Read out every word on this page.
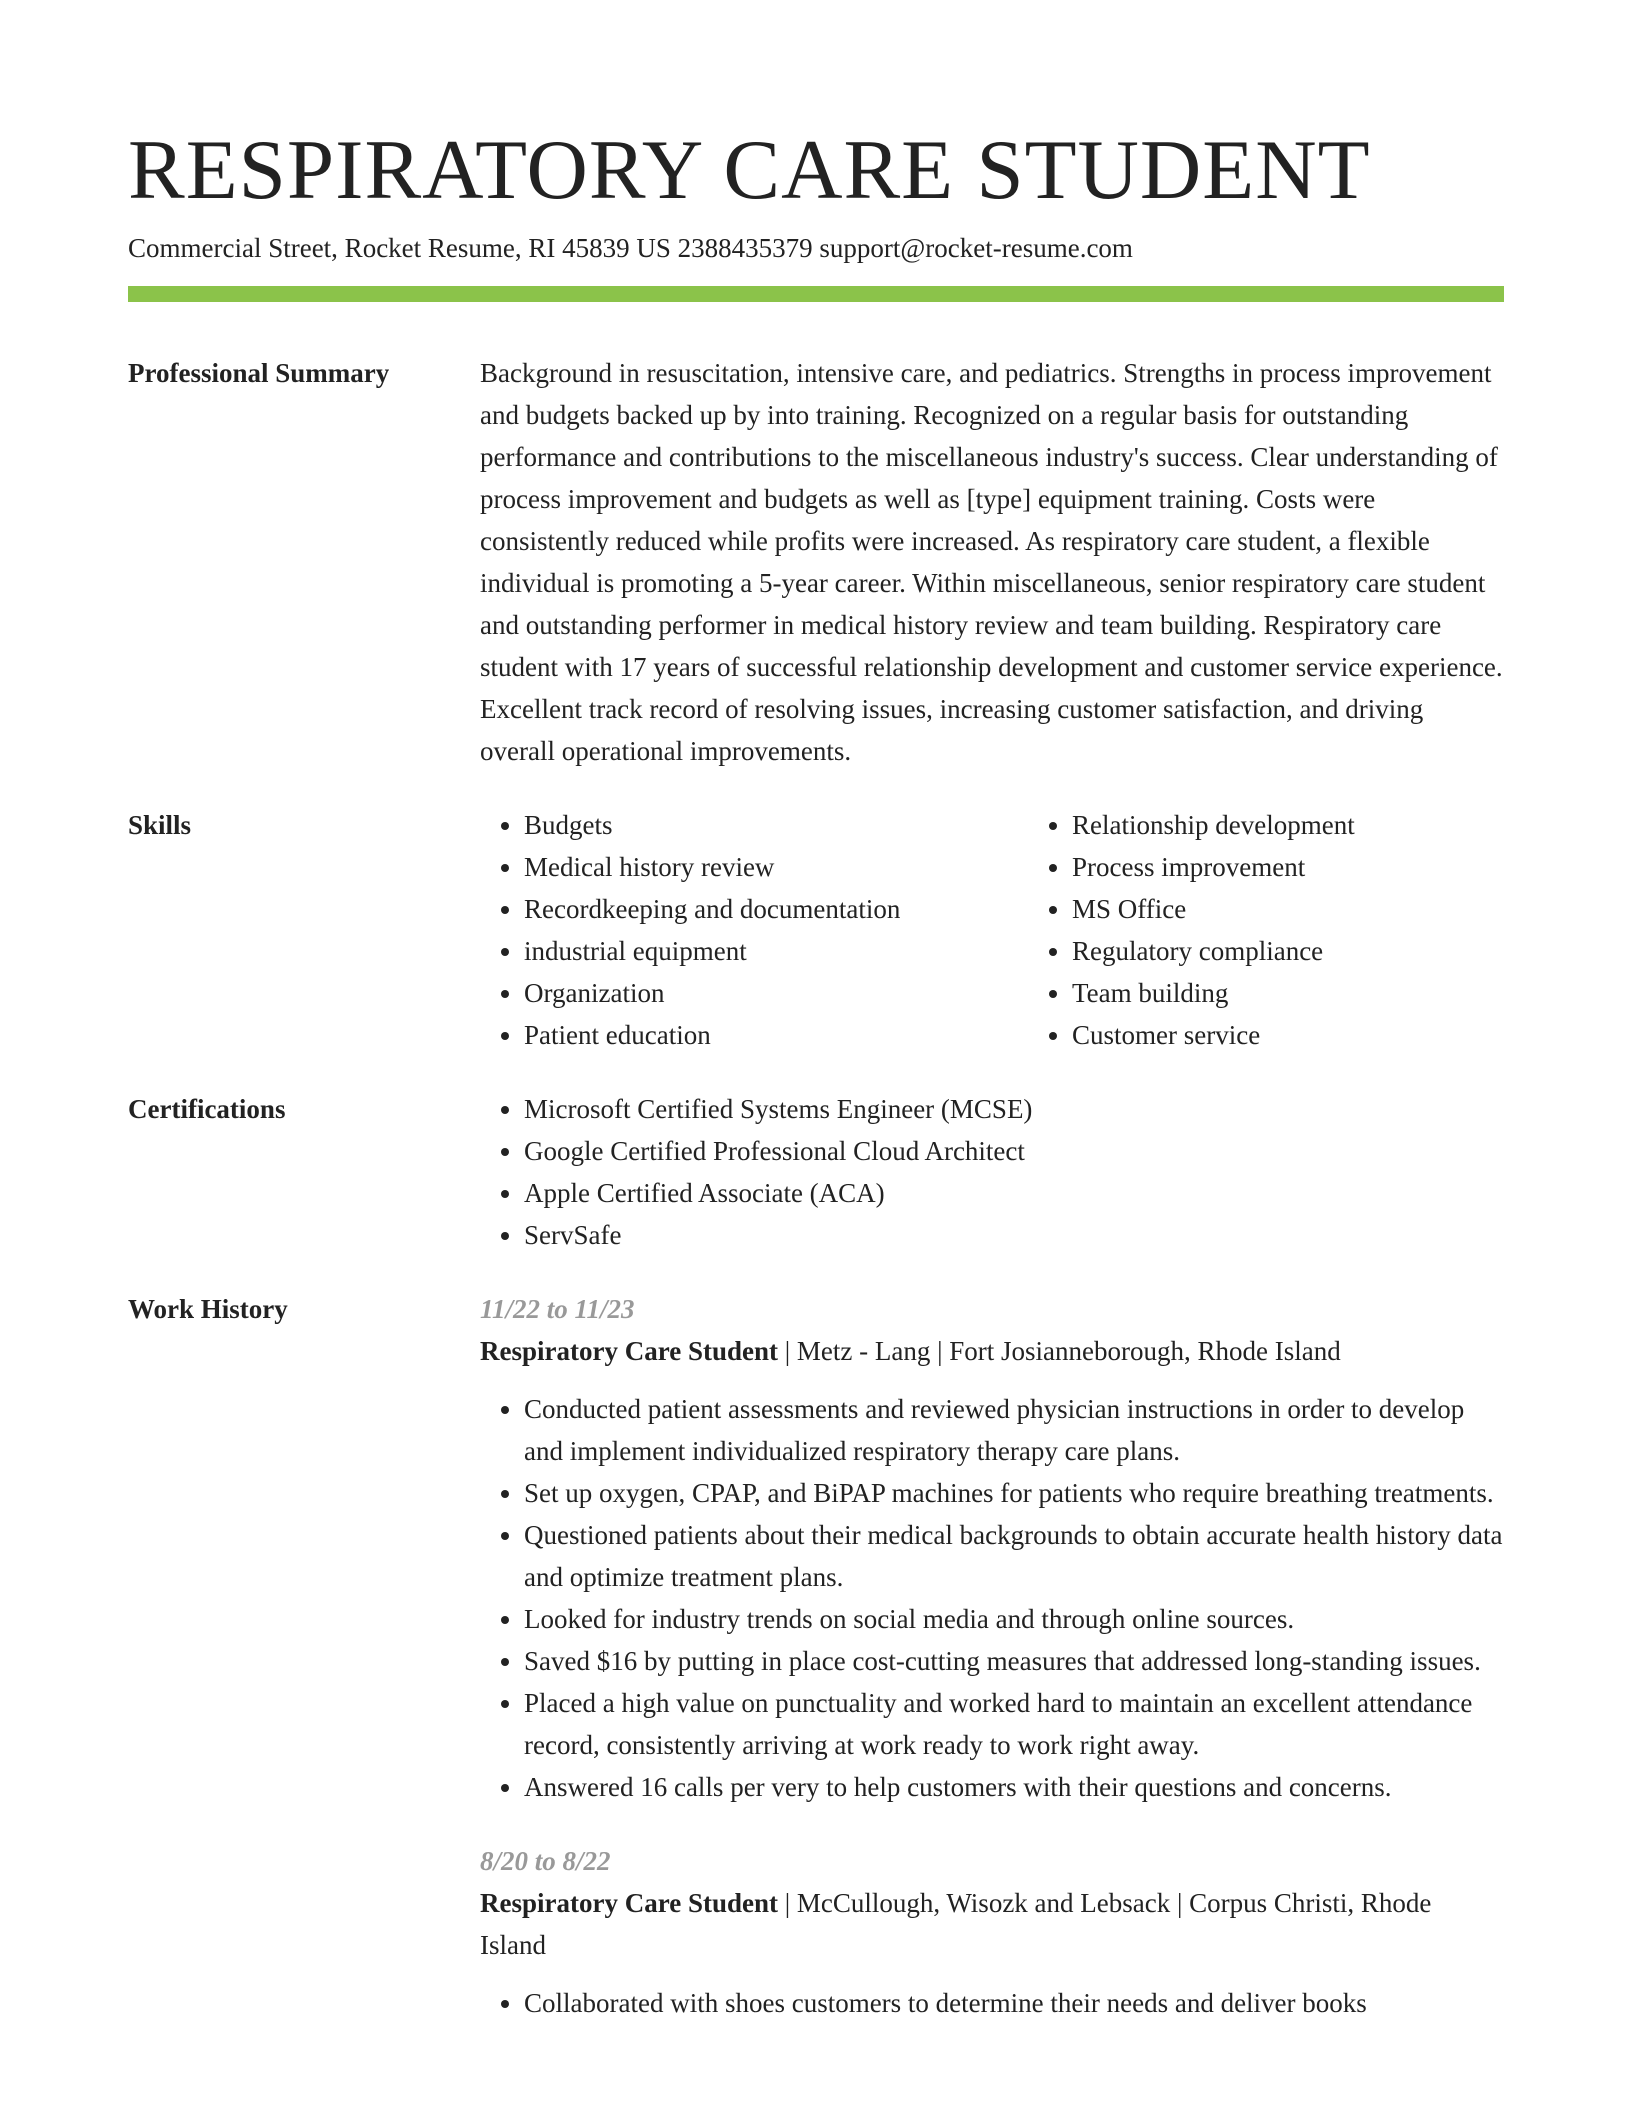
RESPIRATORY CARE STUDENT
Commercial Street, Rocket Resume, RI 45839 US 2388435379 support@rocket-resume.com
Professional Summary	Background in resuscitation, intensive care, and pediatrics. Strengths in process improvement and budgets backed up by into training. Recognized on a regular basis for outstanding performance and contributions to the miscellaneous industry's success. Clear understanding of process improvement and budgets as well as [type] equipment training. Costs were consistently reduced while profits were increased. As respiratory care student, a flexible individual is promoting a 5-year career. Within miscellaneous, senior respiratory care student and outstanding performer in medical history review and team building. Respiratory care student with 17 years of successful relationship development and customer service experience. Excellent track record of resolving issues, increasing customer satisfaction, and driving overall operational improvements.
Skills	• Budgets
• Medical history review
• Recordkeeping and documentation
• industrial equipment
• Organization
• Patient education
• Relationship development
• Process improvement
• MS Office
• Regulatory compliance
• Team building
• Customer service
Certifications	• Microsoft Certified Systems Engineer (MCSE)
• Google Certified Professional Cloud Architect
• Apple Certified Associate (ACA)
• ServSafe
Work History	11/22 to 11/23
Respiratory Care Student | Metz - Lang | Fort Josianneborough, Rhode Island
• Conducted patient assessments and reviewed physician instructions in order to develop and implement individualized respiratory therapy care plans.
• Set up oxygen, CPAP, and BiPAP machines for patients who require breathing treatments.
• Questioned patients about their medical backgrounds to obtain accurate health history data and optimize treatment plans.
• Looked for industry trends on social media and through online sources.
• Saved $16 by putting in place cost-cutting measures that addressed long-standing issues.
• Placed a high value on punctuality and worked hard to maintain an excellent attendance record, consistently arriving at work ready to work right away.
• Answered 16 calls per very to help customers with their questions and concerns.
8/20 to 8/22
Respiratory Care Student | McCullough, Wisozk and Lebsack | Corpus Christi, Rhode Island
• Collaborated with shoes customers to determine their needs and deliver books
